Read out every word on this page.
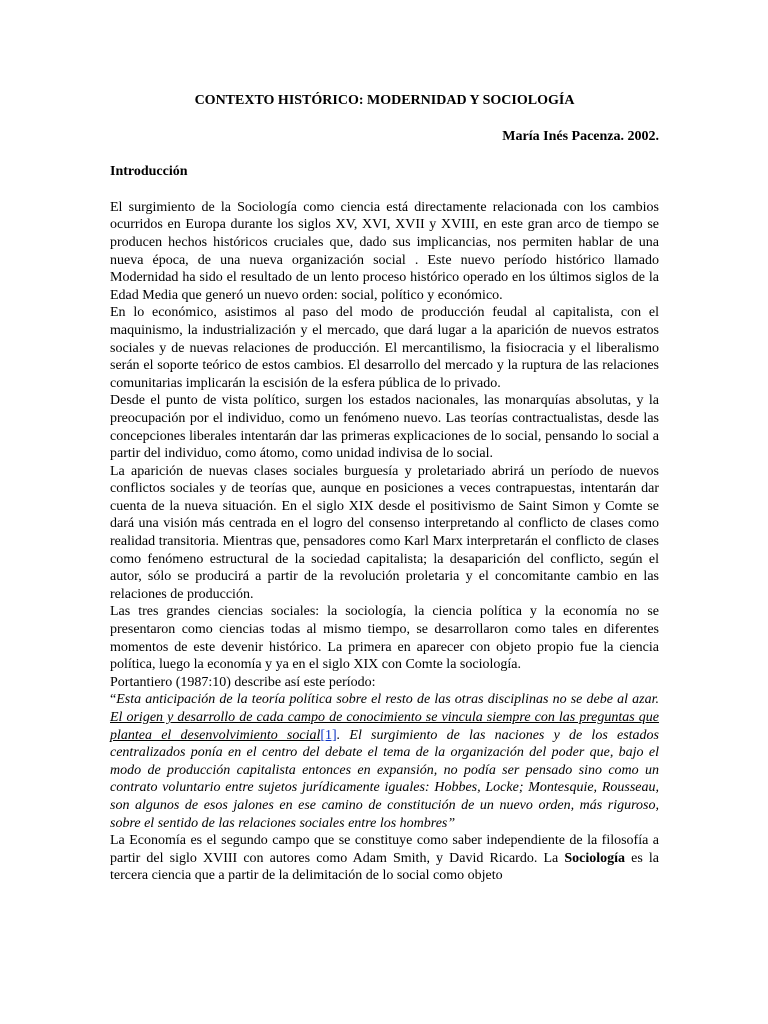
CONTEXTO HISTÓRICO: MODERNIDAD Y SOCIOLOGÍA
María Inés Pacenza. 2002.
Introducción

El surgimiento de la Sociología como ciencia está directamente relacionada con los cambios ocurridos en Europa durante los siglos XV, XVI, XVII y XVIII, en este gran arco de tiempo se producen hechos históricos cruciales que, dado sus implicancias, nos permiten hablar de una nueva época, de una nueva organización social . Este nuevo período histórico llamado Modernidad ha sido el resultado de un lento proceso histórico operado en los últimos siglos de la Edad Media que generó un nuevo orden: social, político y económico.

En lo económico, asistimos al paso del modo de producción feudal al capitalista, con el maquinismo, la industrialización y el mercado, que dará lugar a la aparición de nuevos estratos sociales y de nuevas relaciones de producción. El mercantilismo, la fisiocracia y el liberalismo serán el soporte teórico de estos cambios. El desarrollo del mercado y la ruptura de las relaciones comunitarias implicarán la escisión de la esfera pública de lo privado.

Desde el punto de vista político, surgen los estados nacionales, las monarquías absolutas, y la preocupación por el individuo, como un fenómeno nuevo. Las teorías contractualistas, desde las concepciones liberales intentarán dar las primeras explicaciones de lo social, pensando lo social a partir del individuo, como átomo, como unidad indivisa de lo social.

La aparición de nuevas clases sociales burguesía y proletariado abrirá un período de nuevos conflictos sociales y de teorías que, aunque en posiciones a veces contrapuestas, intentarán dar cuenta de la nueva situación. En el siglo XIX desde el positivismo de Saint Simon y Comte se dará una visión más centrada en el logro del consenso interpretando al conflicto de clases como realidad transitoria. Mientras que, pensadores como Karl Marx interpretarán el conflicto de clases como fenómeno estructural de la sociedad capitalista; la desaparición del conflicto, según el autor, sólo se producirá a partir de la revolución proletaria y el concomitante cambio en las relaciones de producción.

Las tres grandes ciencias sociales: la sociología, la ciencia política y la economía no se presentaron como ciencias todas al mismo tiempo, se desarrollaron como tales en diferentes momentos de este devenir histórico. La primera en aparecer con objeto propio fue la ciencia política, luego la economía y ya en el siglo XIX con Comte la sociología.

Portantiero (1987:10) describe así este período:

“Esta anticipación de la teoría política sobre el resto de las otras disciplinas no se debe al azar. El origen y desarrollo de cada campo de conocimiento se vincula siempre con las preguntas que plantea el desenvolvimiento social[1]. El surgimiento de las naciones y de los estados centralizados ponía en el centro del debate el tema de la organización del poder que, bajo el modo de producción capitalista entonces en expansión, no podía ser pensado sino como un contrato voluntario entre sujetos jurídicamente iguales: Hobbes, Locke; Montesquie, Rousseau, son algunos de esos jalones en ese camino de constitución de un nuevo orden, más riguroso, sobre el sentido de las relaciones sociales entre los hombres”

La Economía es el segundo campo que se constituye como saber independiente de la filosofía a partir del siglo XVIII con autores como Adam Smith, y David Ricardo. La Sociología es la tercera ciencia que a partir de la delimitación de lo social como objeto
